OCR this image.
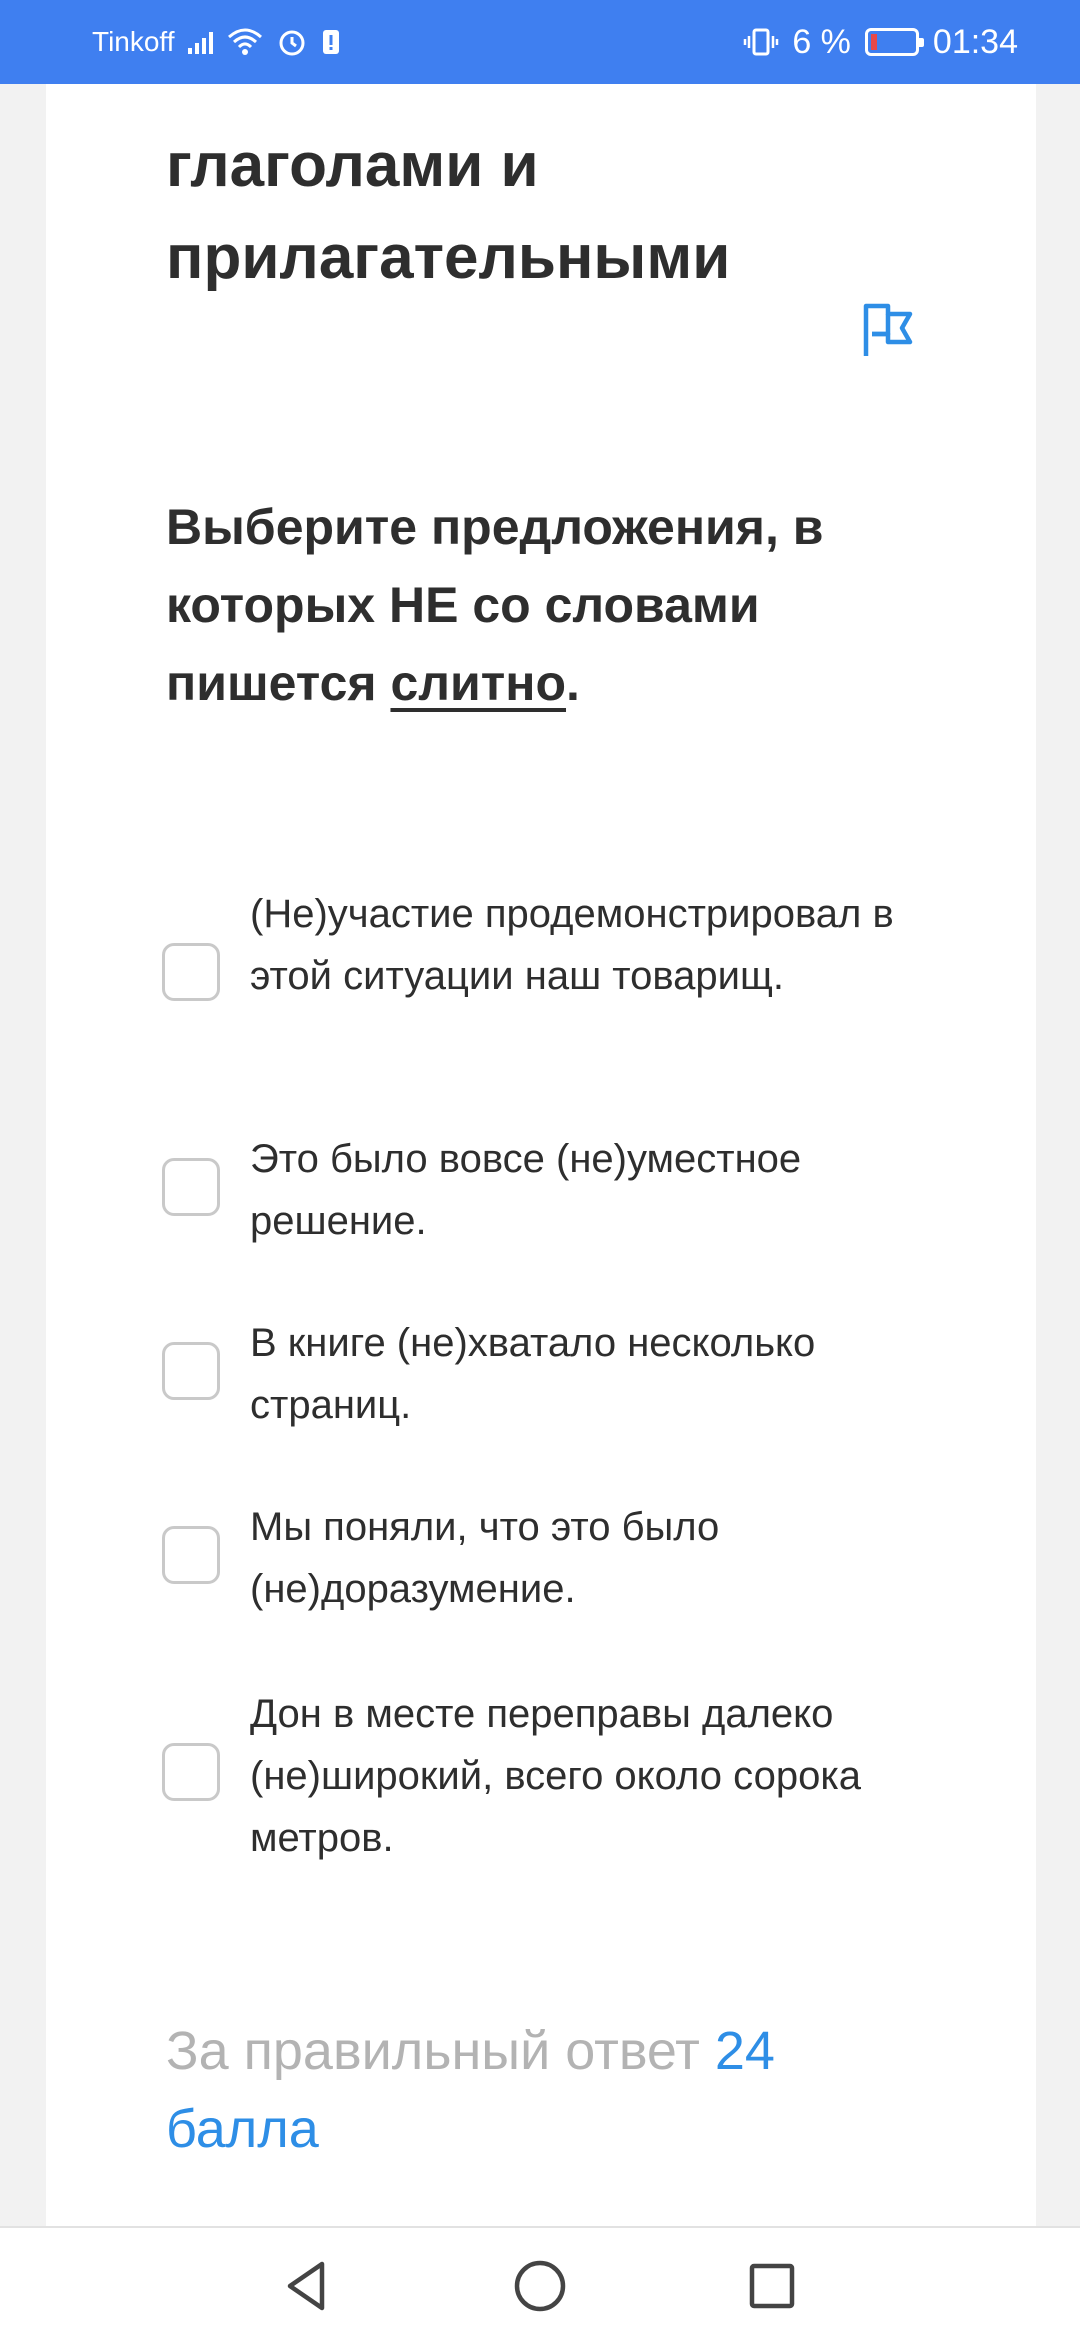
Tinkoff	6 % 01:34
глаголами и
прилагательными
Выберите предложения, в которых НЕ со словами пишется слитно.
(Не)участие продемонстрировал в этой ситуации наш товарищ.
Это было вовсе (не)уместное решение.
В книге (не)хватало несколько страниц.
Мы поняли, что это было (не)доразумение.
Дон в месте переправы далеко (не)широкий, всего около сорока метров.
За правильный ответ 24
балла
